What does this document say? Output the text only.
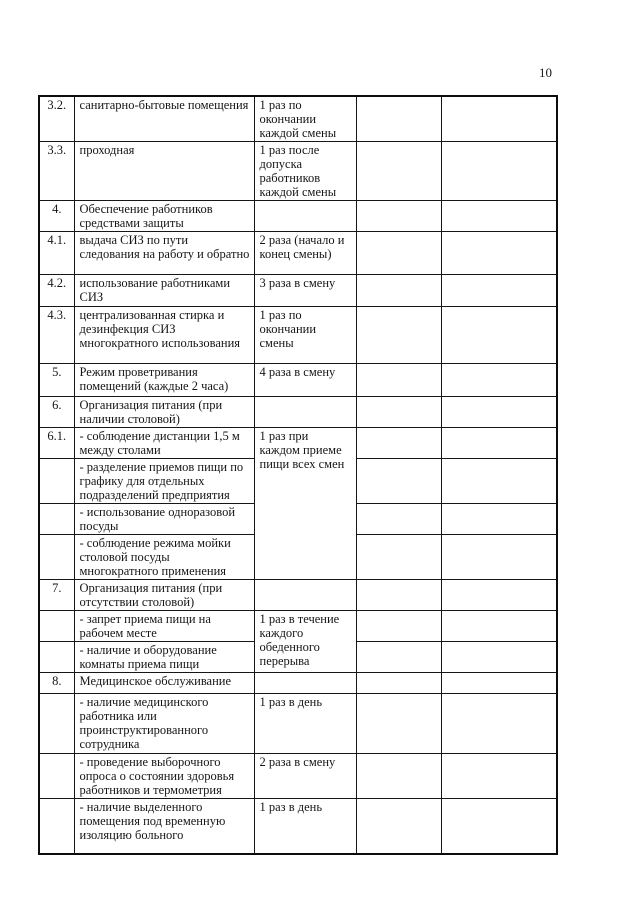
10
3.2.	санитарно-бытовые помещения	1 раз по окончании каждой смены		
3.3.	проходная	1 раз после допуска работников каждой смены		
4.	Обеспечение работников средствами защиты			
4.1.	выдача СИЗ по пути следования на работу и обратно	2 раза (начало и конец смены)		
4.2.	использование работниками СИЗ	3 раза в смену		
4.3.	централизованная стирка и дезинфекция СИЗ многократного использования	1 раз по окончании смены		
5.	Режим проветривания помещений (каждые 2 часа)	4 раза в смену		
6.	Организация питания (при наличии столовой)			
6.1.	- соблюдение дистанции 1,5 м между столами	1 раз при каждом приеме пищи всех смен		
	- разделение приемов пищи по графику для отдельных подразделений предприятия			
	- использование одноразовой посуды			
	- соблюдение режима мойки столовой посуды многократного применения			
7.	Организация питания (при отсутствии столовой)			
	- запрет приема пищи на рабочем месте	1 раз в течение каждого обеденного перерыва		
	- наличие и оборудование комнаты приема пищи			
8.	Медицинское обслуживание			
	- наличие медицинского работника или проинструктированного сотрудника	1 раз в день		
	- проведение выборочного опроса о состоянии здоровья работников и термометрия	2 раза в смену		
	- наличие выделенного помещения под временную изоляцию больного	1 раз в день		
